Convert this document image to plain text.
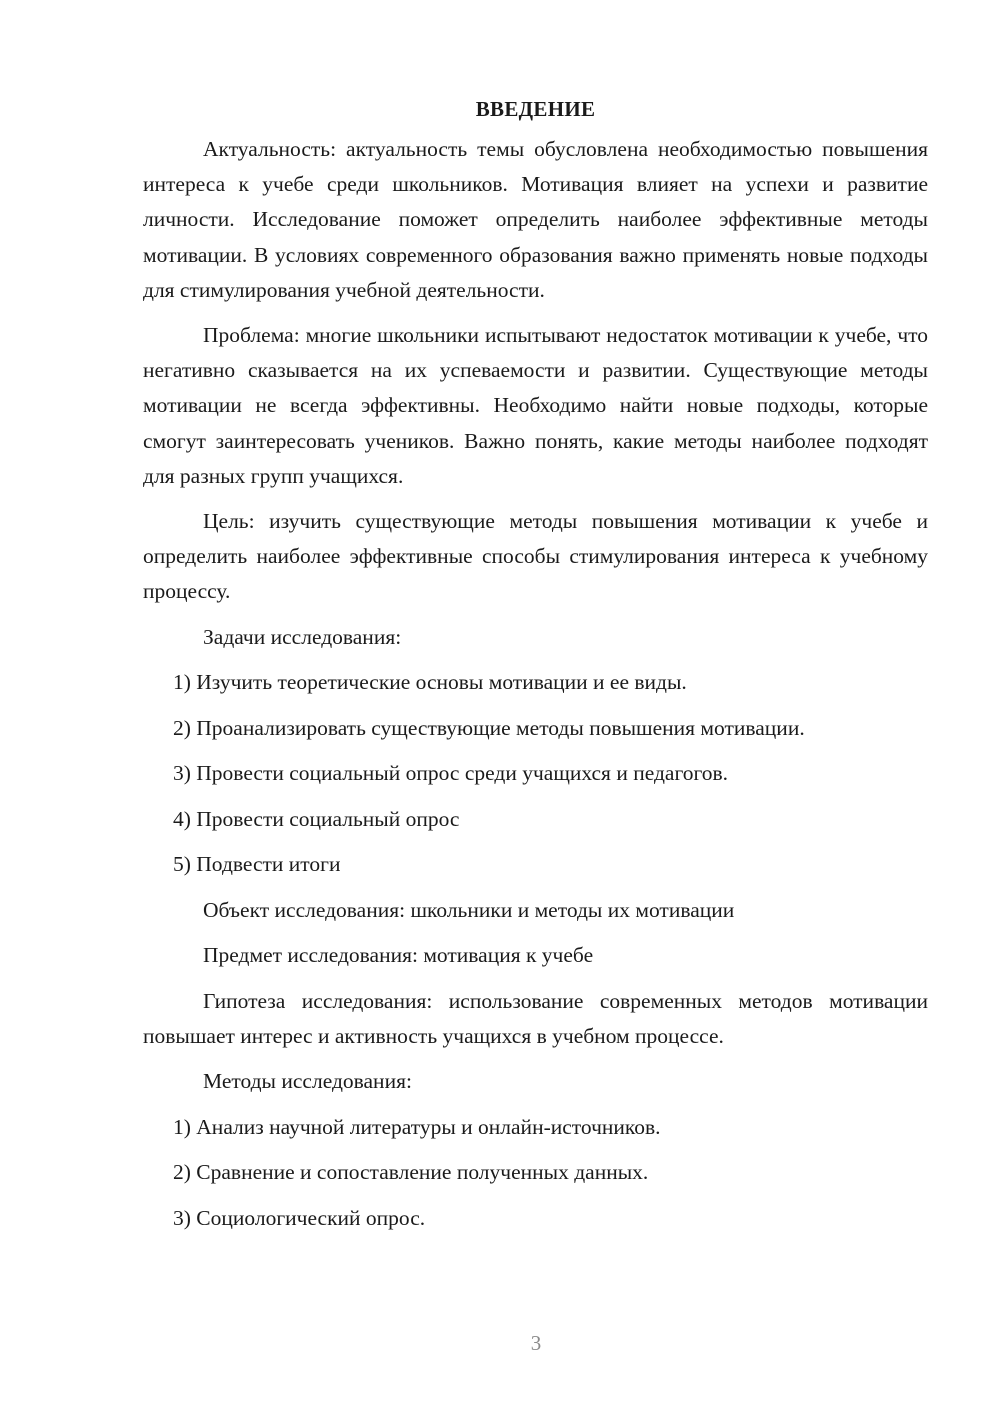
ВВЕДЕНИЕ

Актуальность: актуальность темы обусловлена необходимостью повышения интереса к учебе среди школьников. Мотивация влияет на успехи и развитие личности. Исследование поможет определить наиболее эффективные методы мотивации. В условиях современного образования важно применять новые подходы для стимулирования учебной деятельности.

Проблема: многие школьники испытывают недостаток мотивации к учебе, что негативно сказывается на их успеваемости и развитии. Существующие методы мотивации не всегда эффективны. Необходимо найти новые подходы, которые смогут заинтересовать учеников. Важно понять, какие методы наиболее подходят для разных групп учащихся.

Цель: изучить существующие методы повышения мотивации к учебе и определить наиболее эффективные способы стимулирования интереса к учебному процессу.

Задачи исследования:
1) Изучить теоретические основы мотивации и ее виды.
2) Проанализировать существующие методы повышения мотивации.
3) Провести социальный опрос среди учащихся и педагогов.
4) Провести социальный опрос
5) Подвести итоги
Объект исследования: школьники и методы их мотивации
Предмет исследования: мотивация к учебе

Гипотеза исследования: использование современных методов мотивации повышает интерес и активность учащихся в учебном процессе.

Методы исследования:
1) Анализ научной литературы и онлайн-источников.
2) Сравнение и сопоставление полученных данных.
3) Социологический опрос.
3
